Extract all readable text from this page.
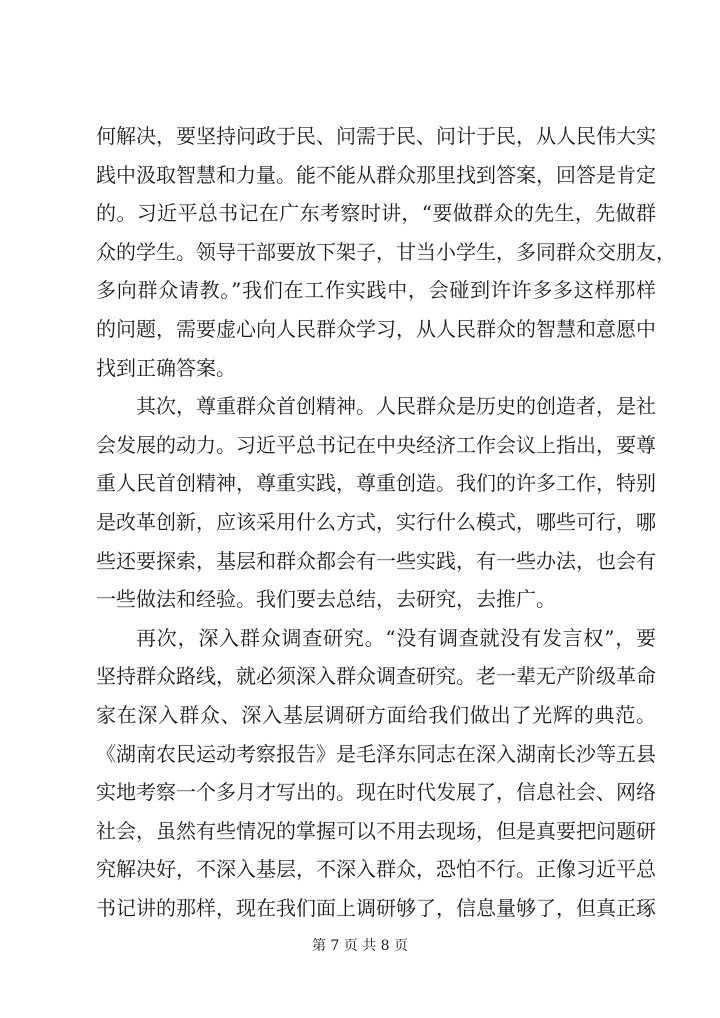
何解决，要坚持问政于民、问需于民、问计于民，从人民伟大实
践中汲取智慧和力量。能不能从群众那里找到答案，回答是肯定
的。习近平总书记在广东考察时讲，“要做群众的先生，先做群
众的学生。领导干部要放下架子，甘当小学生，多同群众交朋友，
多向群众请教。”我们在工作实践中，会碰到许许多多这样那样
的问题，需要虚心向人民群众学习，从人民群众的智慧和意愿中
找到正确答案。
其次，尊重群众首创精神。人民群众是历史的创造者，是社
会发展的动力。习近平总书记在中央经济工作会议上指出，要尊
重人民首创精神，尊重实践，尊重创造。我们的许多工作，特别
是改革创新，应该采用什么方式，实行什么模式，哪些可行，哪
些还要探索，基层和群众都会有一些实践，有一些办法，也会有
一些做法和经验。我们要去总结，去研究，去推广。
再次，深入群众调查研究。“没有调查就没有发言权”，要
坚持群众路线，就必须深入群众调查研究。老一辈无产阶级革命
家在深入群众、深入基层调研方面给我们做出了光辉的典范。
《湖南农民运动考察报告》是毛泽东同志在深入湖南长沙等五县
实地考察一个多月才写出的。现在时代发展了，信息社会、网络
社会，虽然有些情况的掌握可以不用去现场，但是真要把问题研
究解决好，不深入基层，不深入群众，恐怕不行。正像习近平总
书记讲的那样，现在我们面上调研够了，信息量够了，但真正琢
第 7 页 共 8 页
